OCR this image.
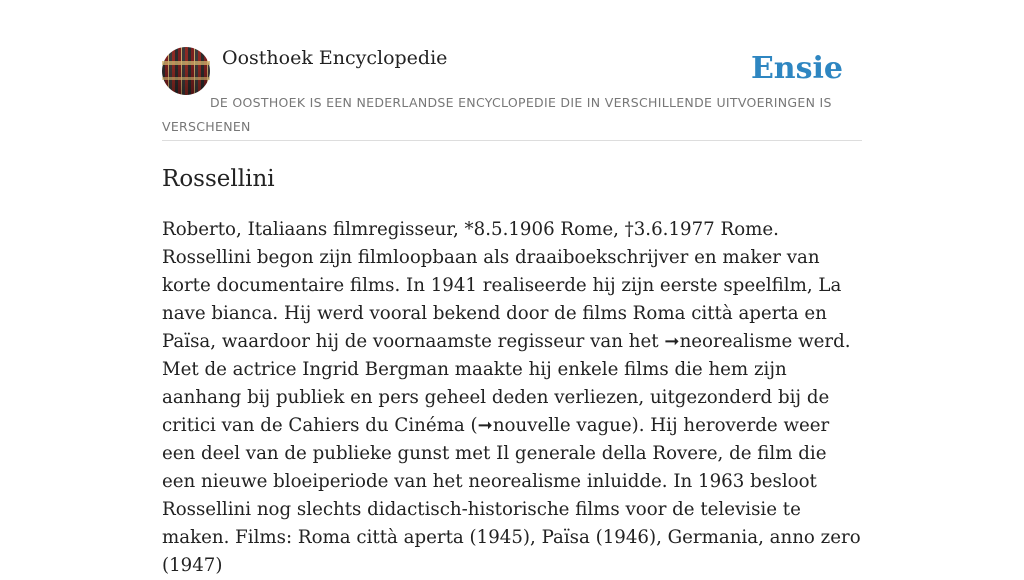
Oosthoek Encyclopedie	Ensie
DE OOSTHOEK IS EEN NEDERLANDSE ENCYCLOPEDIE DIE IN VERSCHILLENDE UITVOERINGEN IS VERSCHENEN
Rossellini

Roberto, Italiaans filmregisseur, *8.5.1906 Rome, †3.6.1977 Rome. Rossellini begon zijn filmloopbaan als draaiboekschrijver en maker van korte documentaire films. In 1941 realiseerde hij zijn eerste speelfilm, La nave bianca. Hij werd vooral bekend door de films Roma città aperta en Païsa, waardoor hij de voornaamste regisseur van het ➞neorealisme werd. Met de actrice Ingrid Bergman maakte hij enkele films die hem zijn aanhang bij publiek en pers geheel deden verliezen, uitgezonderd bij de critici van de Cahiers du Cinéma (➞nouvelle vague). Hij heroverde weer een deel van de publieke gunst met Il generale della Rovere, de film die een nieuwe bloeiperiode van het neorealisme inluidde. In 1963 besloot Rossellini nog slechts didactisch-historische films voor de televisie te maken. Films: Roma città aperta (1945), Païsa (1946), Germania, anno zero (1947)
